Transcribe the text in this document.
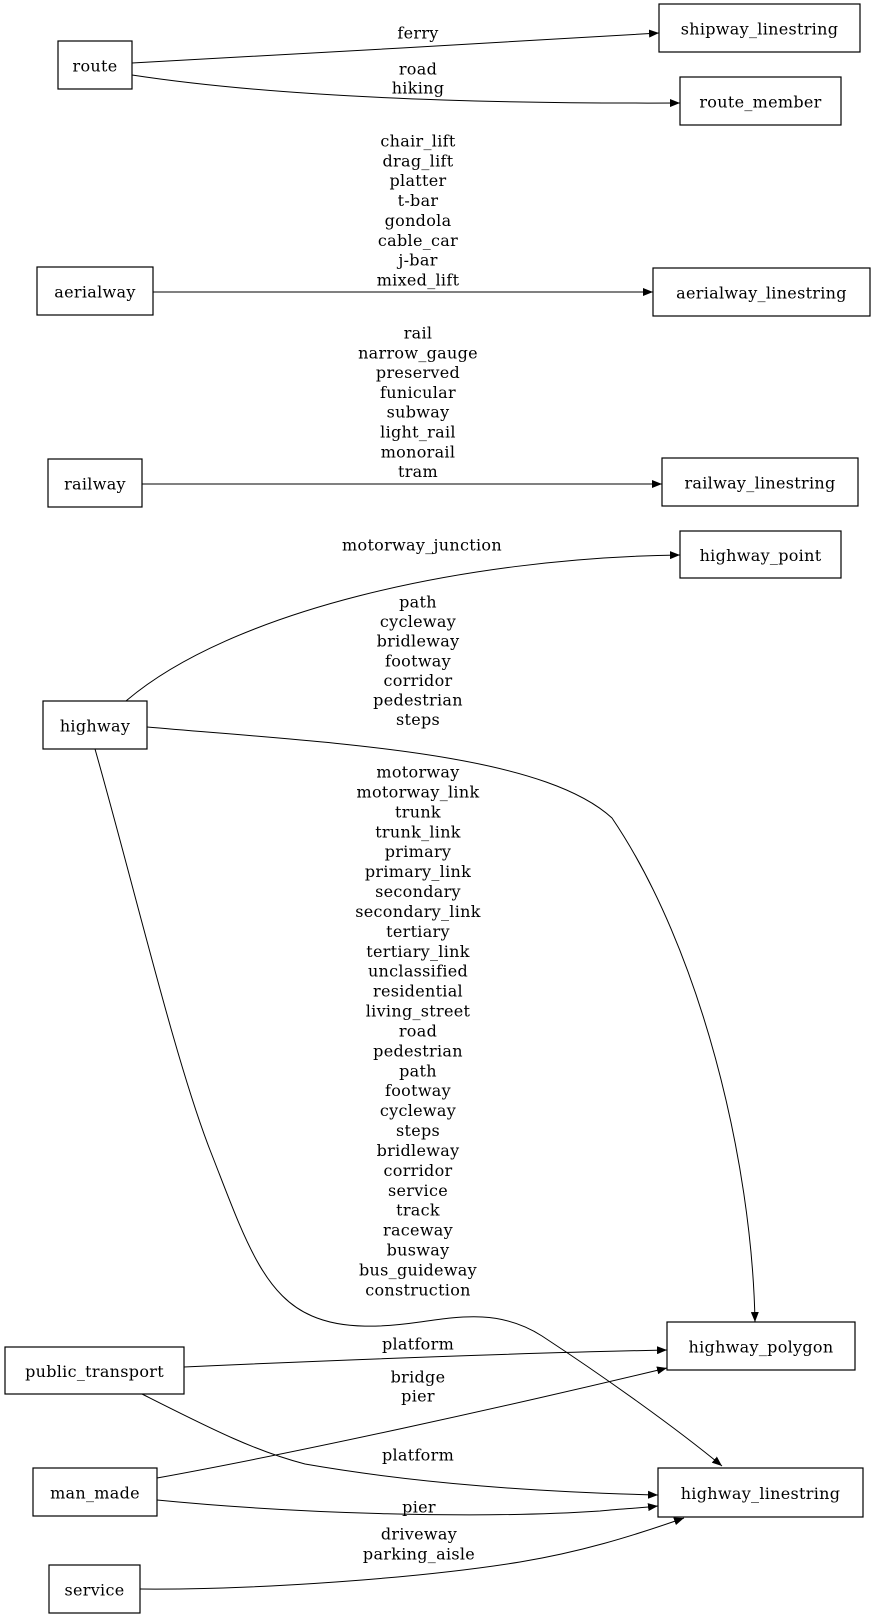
ferry
road
hiking
chair_lift
drag_lift
platter
t-bar
gondola
cable_car
j-bar
mixed_lift
rail
narrow_gauge
preserved
funicular
subway
light_rail
monorail
tram
motorway_junction
path
cycleway
bridleway
footway
corridor
pedestrian
steps
motorway
motorway_link
trunk
trunk_link
primary
primary_link
secondary
secondary_link
tertiary
tertiary_link
unclassified
residential
living_street
road
pedestrian
path
footway
cycleway
steps
bridleway
corridor
service
track
raceway
busway
bus_guideway
construction
platform
bridge
pier
platform
pier
driveway
parking_aisle
route
aerialway
railway
highway
public_transport
man_made
service
shipway_linestring
route_member
aerialway_linestring
railway_linestring
highway_point
highway_polygon
highway_linestring
